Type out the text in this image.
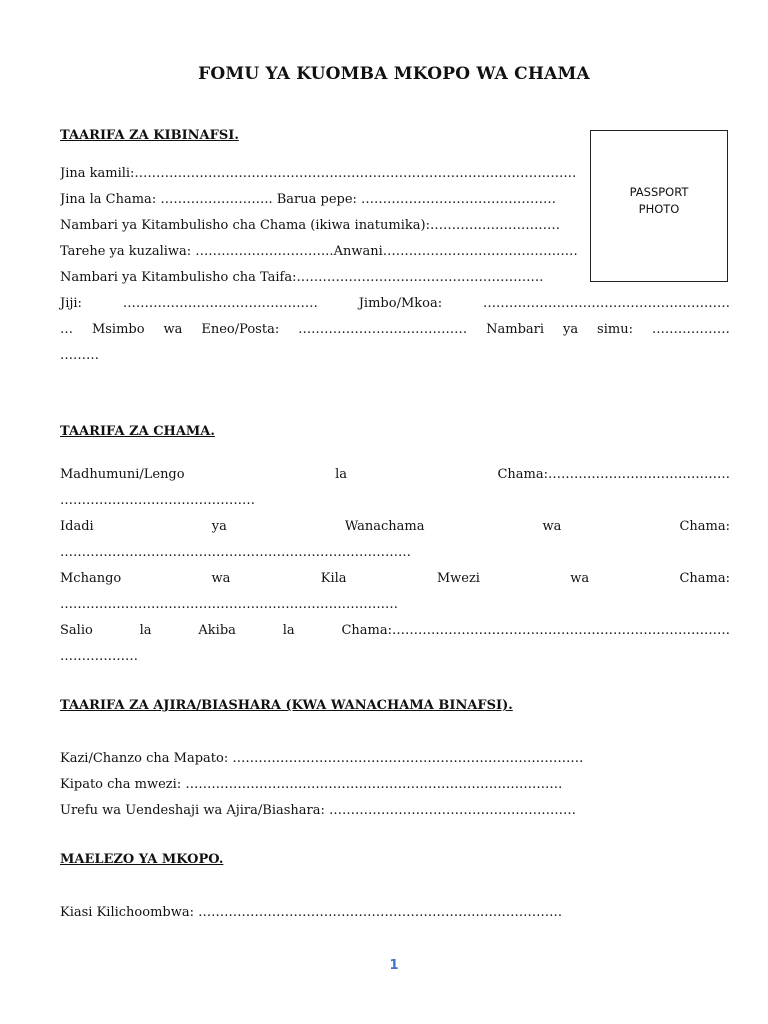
FOMU YA KUOMBA MKOPO WA CHAMA
TAARIFA ZA KIBINAFSI.
Jina kamili:…………………………………………………………………………………………
Jina la Chama: …………………….. Barua pepe: ………………………………………
Nambari ya Kitambulisho cha Chama (ikiwa inatumika):…………………………
Tarehe ya kuzaliwa: …………………………..Anwani………………………………………
Nambari ya Kitambulisho cha Taifa:…………………………………………………
Jiji:	………………………………………	Jimbo/Mkoa:	…………………………………………………
… Msimbo wa Eneo/Posta: ………………………………… Nambari ya simu: ………………
………
PASSPORT
PHOTO
TAARIFA ZA CHAMA.
Madhumuni/Lengo	la	Chama:……………………………………
………………………………………
Idadi	ya	Wanachama	wa	Chama:
………………………………………………………………………
Mchango	wa	Kila	Mwezi	wa	Chama:
……………………………………………………………………
Salio	la	Akiba	la	Chama:……………………………………………………………………
………………
TAARIFA ZA AJIRA/BIASHARA (KWA WANACHAMA BINAFSI).
Kazi/Chanzo cha Mapato: ………………………………………………………………………
Kipato cha mwezi: ……………………………………………………………………………
Urefu wa Uendeshaji wa Ajira/Biashara: …………………………………………………
MAELEZO YA MKOPO.
Kiasi Kilichoombwa: …………………………………………………………………………
1
